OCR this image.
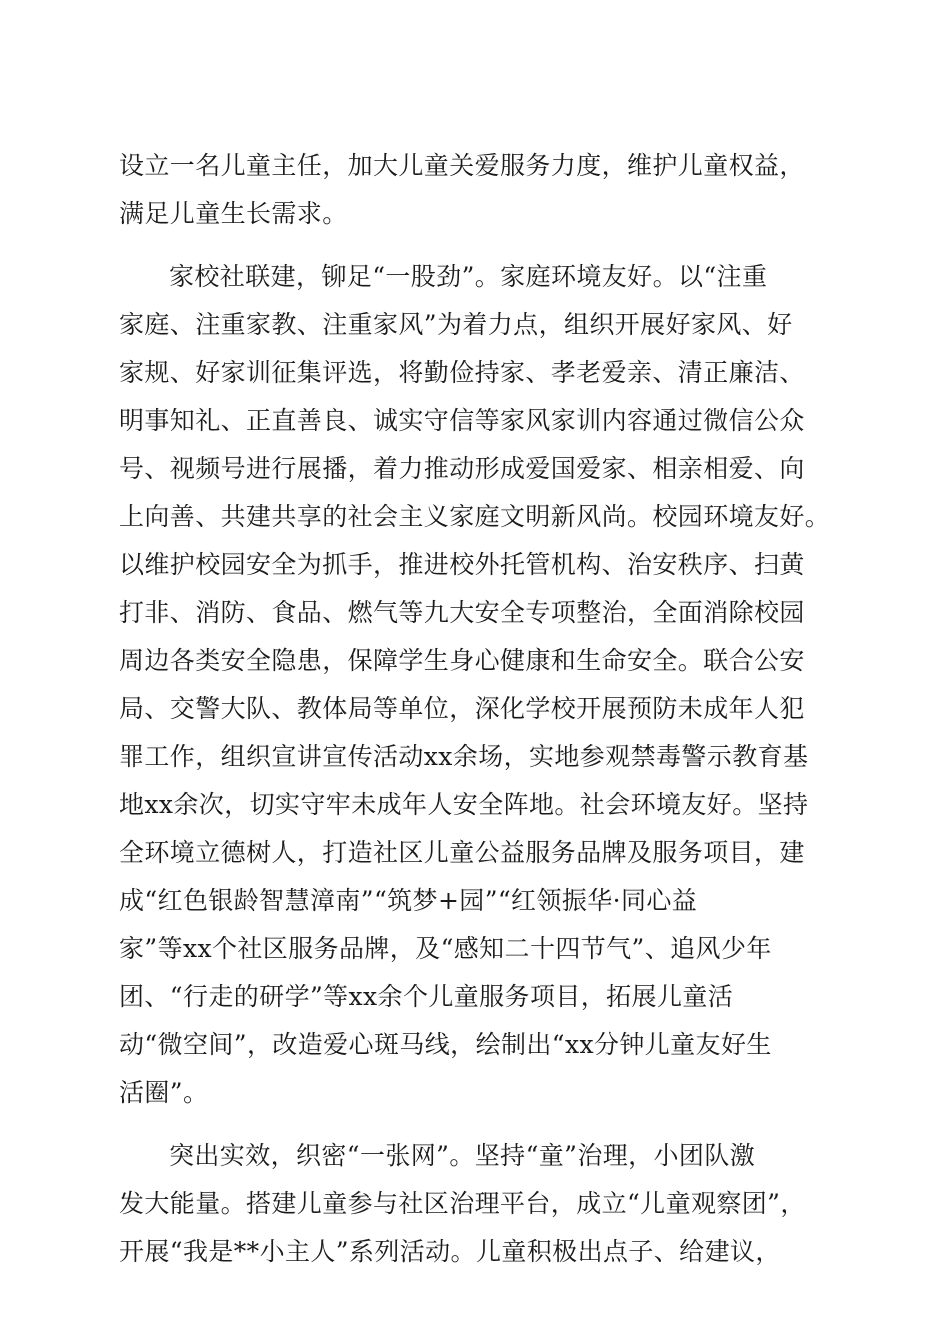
设立一名儿童主任，加大儿童关爱服务力度，维护儿童权益，
满足儿童生长需求。
家校社联建，铆足“一股劲”。家庭环境友好。以“注重
家庭、注重家教、注重家风”为着力点，组织开展好家风、好
家规、好家训征集评选，将勤俭持家、孝老爱亲、清正廉洁、
明事知礼、正直善良、诚实守信等家风家训内容通过微信公众
号、视频号进行展播，着力推动形成爱国爱家、相亲相爱、向
上向善、共建共享的社会主义家庭文明新风尚。校园环境友好。
以维护校园安全为抓手，推进校外托管机构、治安秩序、扫黄
打非、消防、食品、燃气等九大安全专项整治，全面消除校园
周边各类安全隐患，保障学生身心健康和生命安全。联合公安
局、交警大队、教体局等单位，深化学校开展预防未成年人犯
罪工作，组织宣讲宣传活动xx余场，实地参观禁毒警示教育基
地xx余次，切实守牢未成年人安全阵地。社会环境友好。坚持
全环境立德树人，打造社区儿童公益服务品牌及服务项目，建
成“红色银龄智慧漳南”“筑梦+园”“红领振华·同心益
家”等xx个社区服务品牌，及“感知二十四节气”、追风少年
团、“行走的研学”等xx余个儿童服务项目，拓展儿童活
动“微空间”，改造爱心斑马线，绘制出“xx分钟儿童友好生
活圈”。
突出实效，织密“一张网”。坚持“童”治理，小团队激
发大能量。搭建儿童参与社区治理平台，成立“儿童观察团”，
开展“我是**小主人”系列活动。儿童积极出点子、给建议，
